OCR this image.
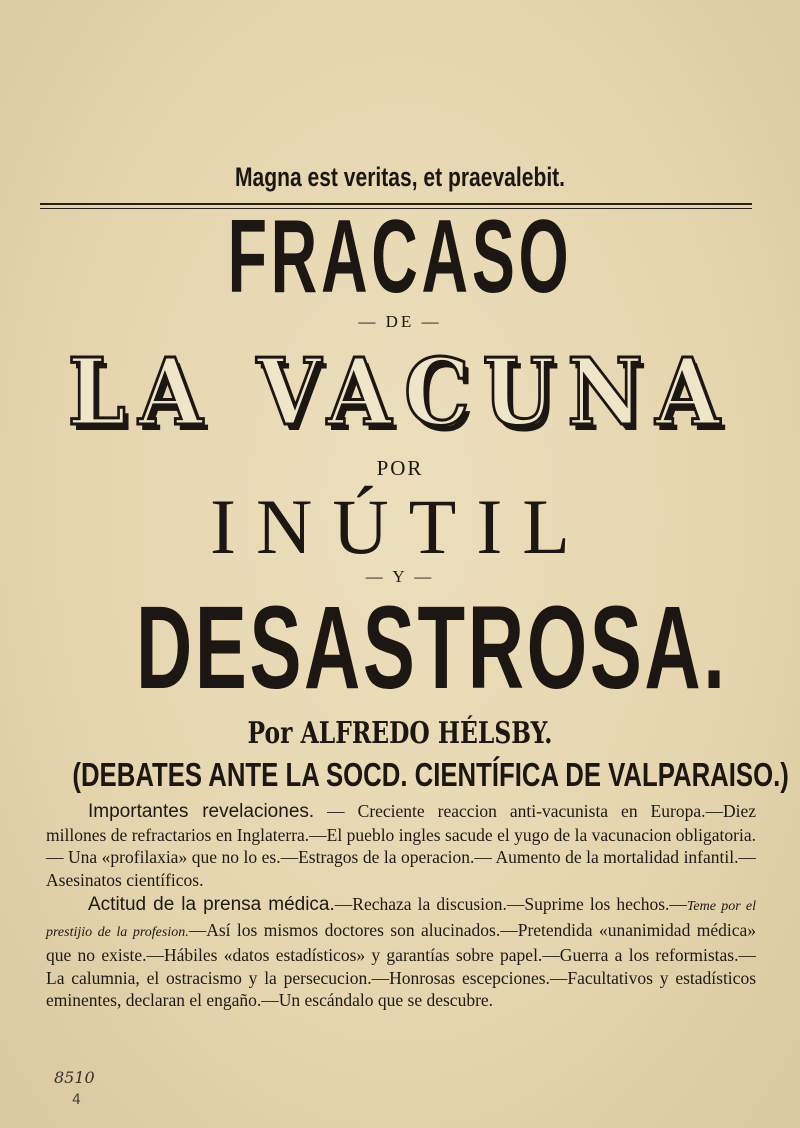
Magna est veritas, et praevalebit.
FRACASO
— DE —
LA VACUNA
POR
INÚTIL
— Y —
DESASTROSA.
Por ALFREDO HÉLSBY.
(DEBATES ANTE LA SOCD. CIENTÍFICA DE VALPARAISO.)

Importantes revelaciones. — Creciente reaccion anti-vacunista en Europa.—Diez millones de refractarios en Inglaterra.—El pueblo ingles sacude el yugo de la vacunacion obligatoria.— Una «profilaxia» que no lo es.—Estragos de la operacion.— Aumento de la mortalidad infantil.—Asesinatos científicos.

Actitud de la prensa médica.—Rechaza la discusion.—Suprime los hechos.—Teme por el prestijio de la profesion.—Así los mismos doctores son alucinados.—Pretendida «unanimidad médica» que no existe.—Hábiles «datos estadísticos» y garantías sobre papel.—Guerra a los reformistas.— La calumnia, el ostracismo y la persecucion.—Honrosas escepciones.—Facultativos y estadísticos eminentes, declaran el engaño.—Un escándalo que se descubre.

8510
4
